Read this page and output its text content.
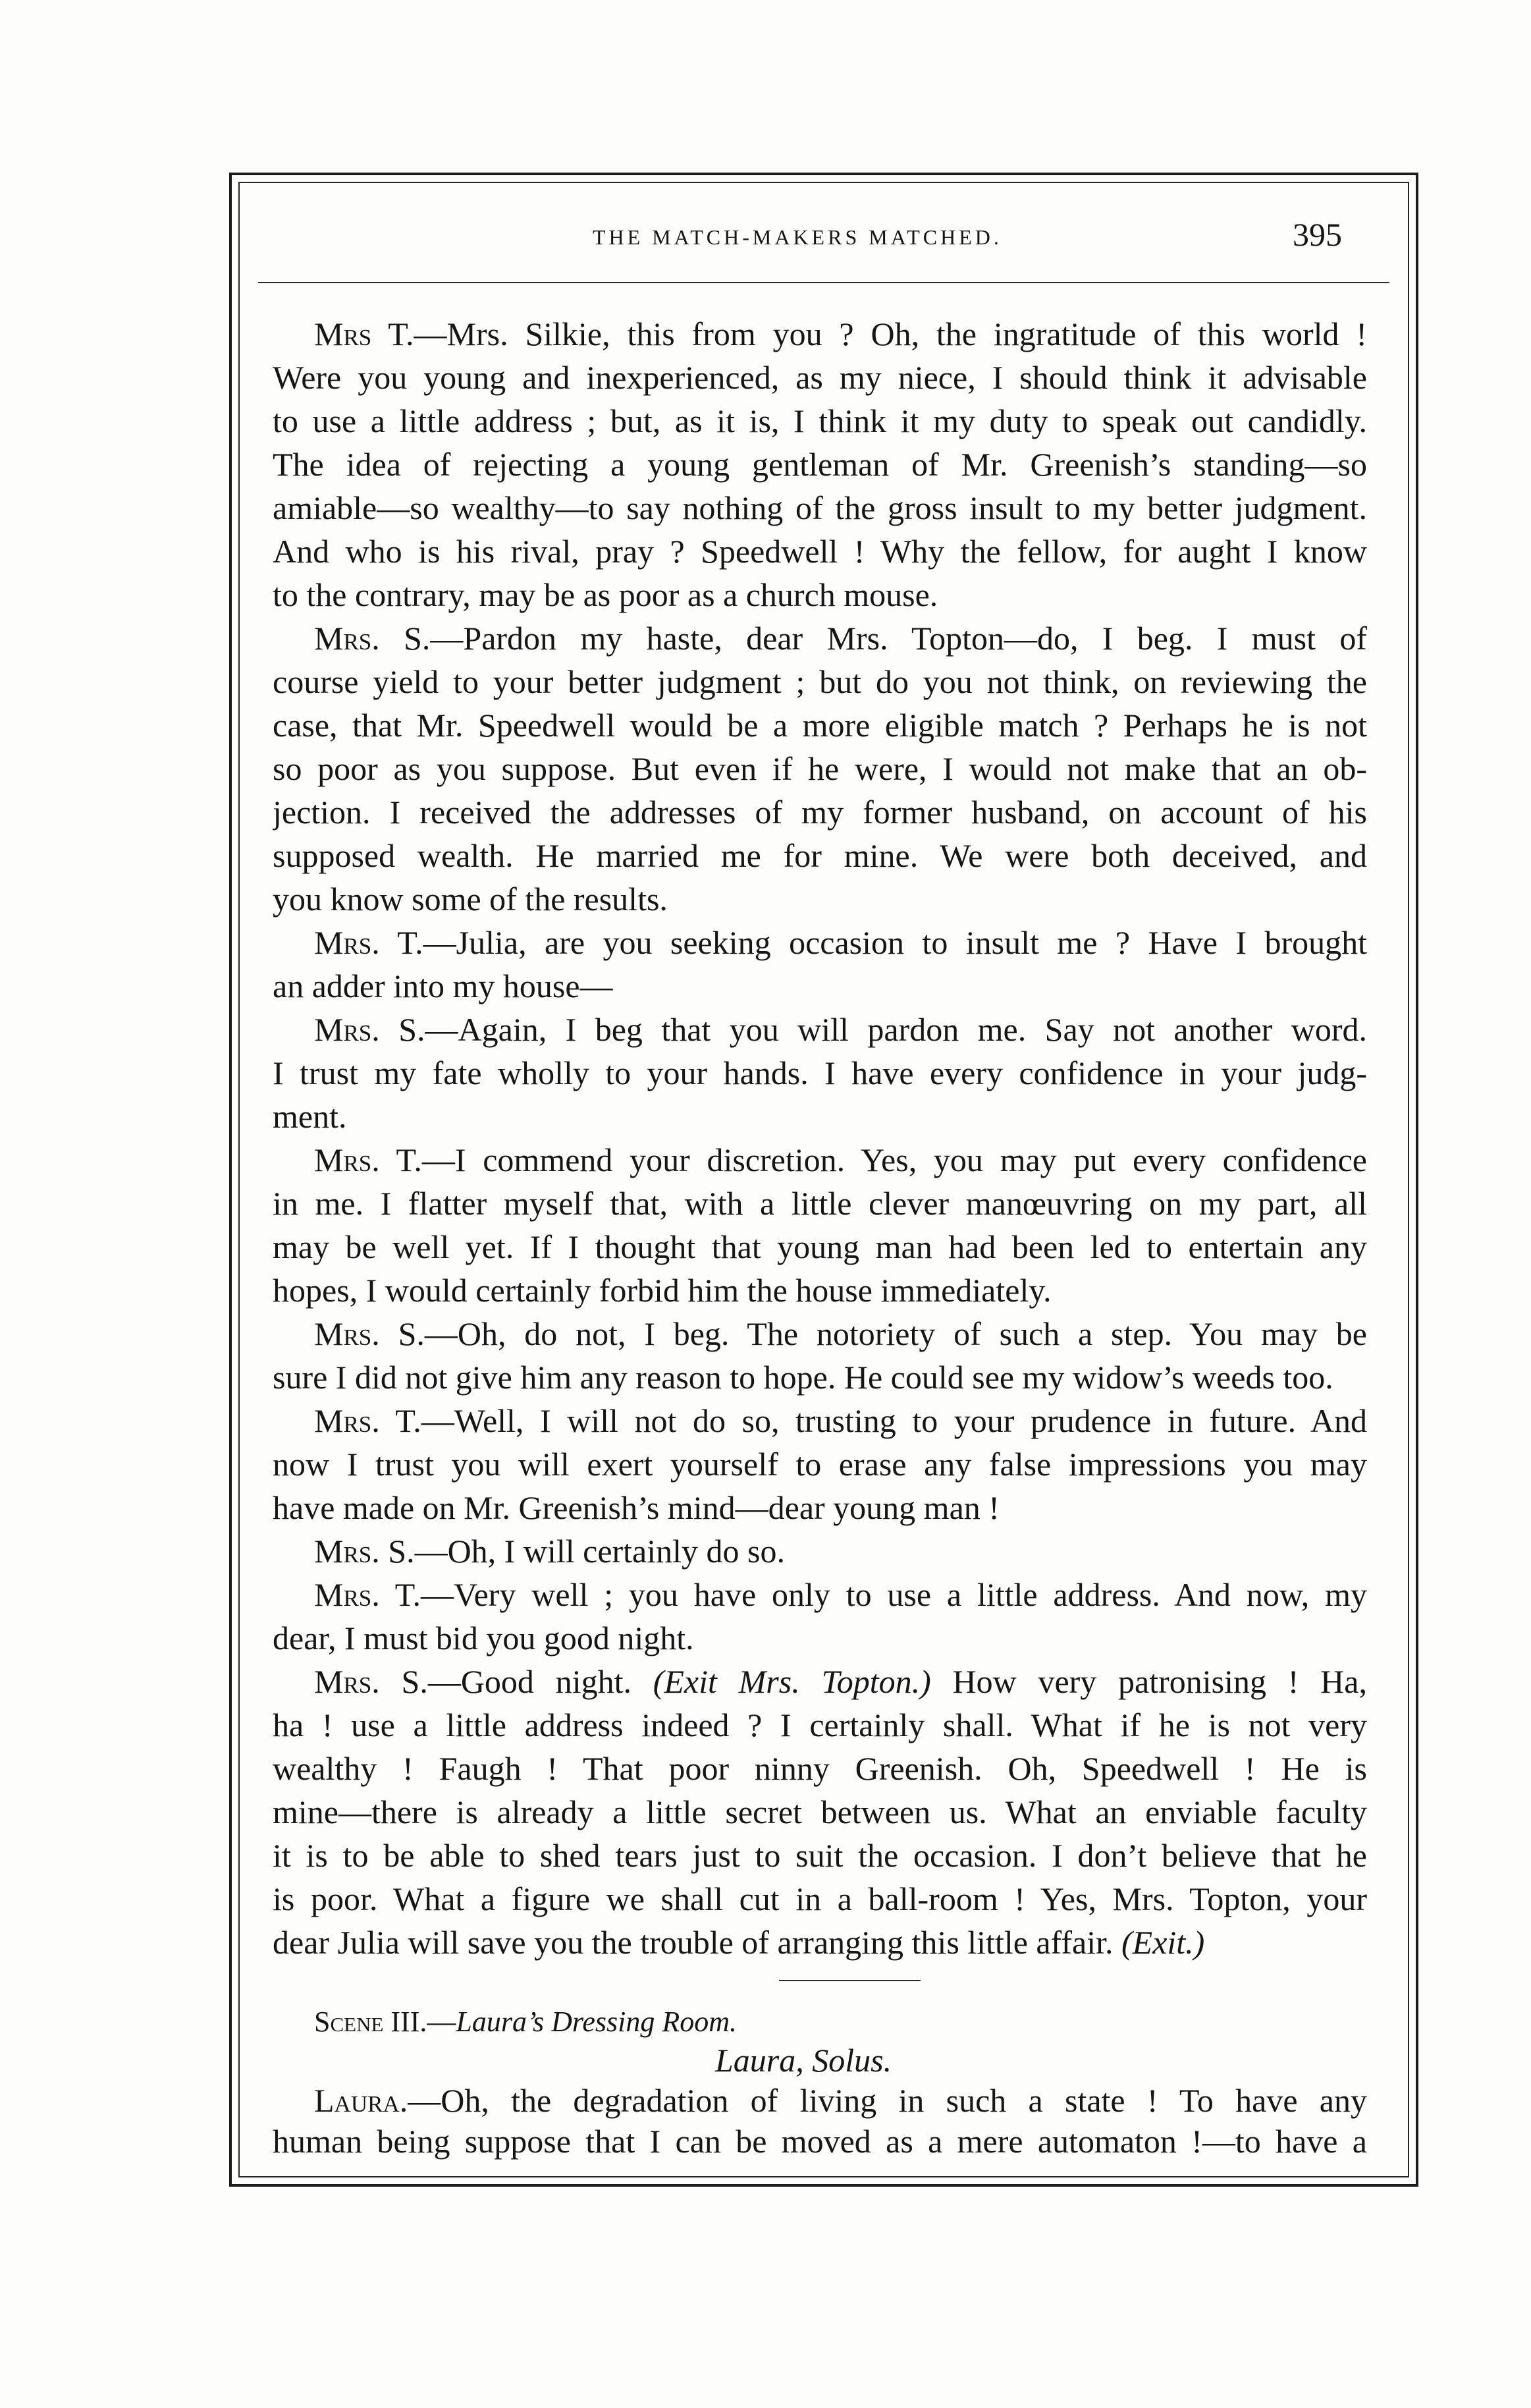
THE MATCH-MAKERS MATCHED.	395
Mrs T.—Mrs. Silkie, this from you ? Oh, the ingratitude of this world !
Were you young and inexperienced, as my niece, I should think it advisable
to use a little address ; but, as it is, I think it my duty to speak out candidly.
The idea of rejecting a young gentleman of Mr. Greenish’s standing—so
amiable—so wealthy—to say nothing of the gross insult to my better judgment.
And who is his rival, pray ? Speedwell ! Why the fellow, for aught I know
to the contrary, may be as poor as a church mouse.
Mrs. S.—Pardon my haste, dear Mrs. Topton—do, I beg. I must of
course yield to your better judgment ; but do you not think, on reviewing the
case, that Mr. Speedwell would be a more eligible match ? Perhaps he is not
so poor as you suppose. But even if he were, I would not make that an ob-
jection. I received the addresses of my former husband, on account of his
supposed wealth. He married me for mine. We were both deceived, and
you know some of the results.
Mrs. T.—Julia, are you seeking occasion to insult me ? Have I brought
an adder into my house—
Mrs. S.—Again, I beg that you will pardon me. Say not another word.
I trust my fate wholly to your hands. I have every confidence in your judg-
ment.
Mrs. T.—I commend your discretion. Yes, you may put every confidence
in me. I flatter myself that, with a little clever manœuvring on my part, all
may be well yet. If I thought that young man had been led to entertain any
hopes, I would certainly forbid him the house immediately.
Mrs. S.—Oh, do not, I beg. The notoriety of such a step. You may be
sure I did not give him any reason to hope. He could see my widow’s weeds too.
Mrs. T.—Well, I will not do so, trusting to your prudence in future. And
now I trust you will exert yourself to erase any false impressions you may
have made on Mr. Greenish’s mind—dear young man !
Mrs. S.—Oh, I will certainly do so.
Mrs. T.—Very well ; you have only to use a little address. And now, my
dear, I must bid you good night.
Mrs. S.—Good night. (Exit Mrs. Topton.) How very patronising ! Ha,
ha ! use a little address indeed ? I certainly shall. What if he is not very
wealthy ! Faugh ! That poor ninny Greenish. Oh, Speedwell ! He is
mine—there is already a little secret between us. What an enviable faculty
it is to be able to shed tears just to suit the occasion. I don’t believe that he
is poor. What a figure we shall cut in a ball-room ! Yes, Mrs. Topton, your
dear Julia will save you the trouble of arranging this little affair. (Exit.)
Scene III.—Laura’s Dressing Room.
Laura, Solus.
Laura.—Oh, the degradation of living in such a state ! To have any
human being suppose that I can be moved as a mere automaton !—to have a
